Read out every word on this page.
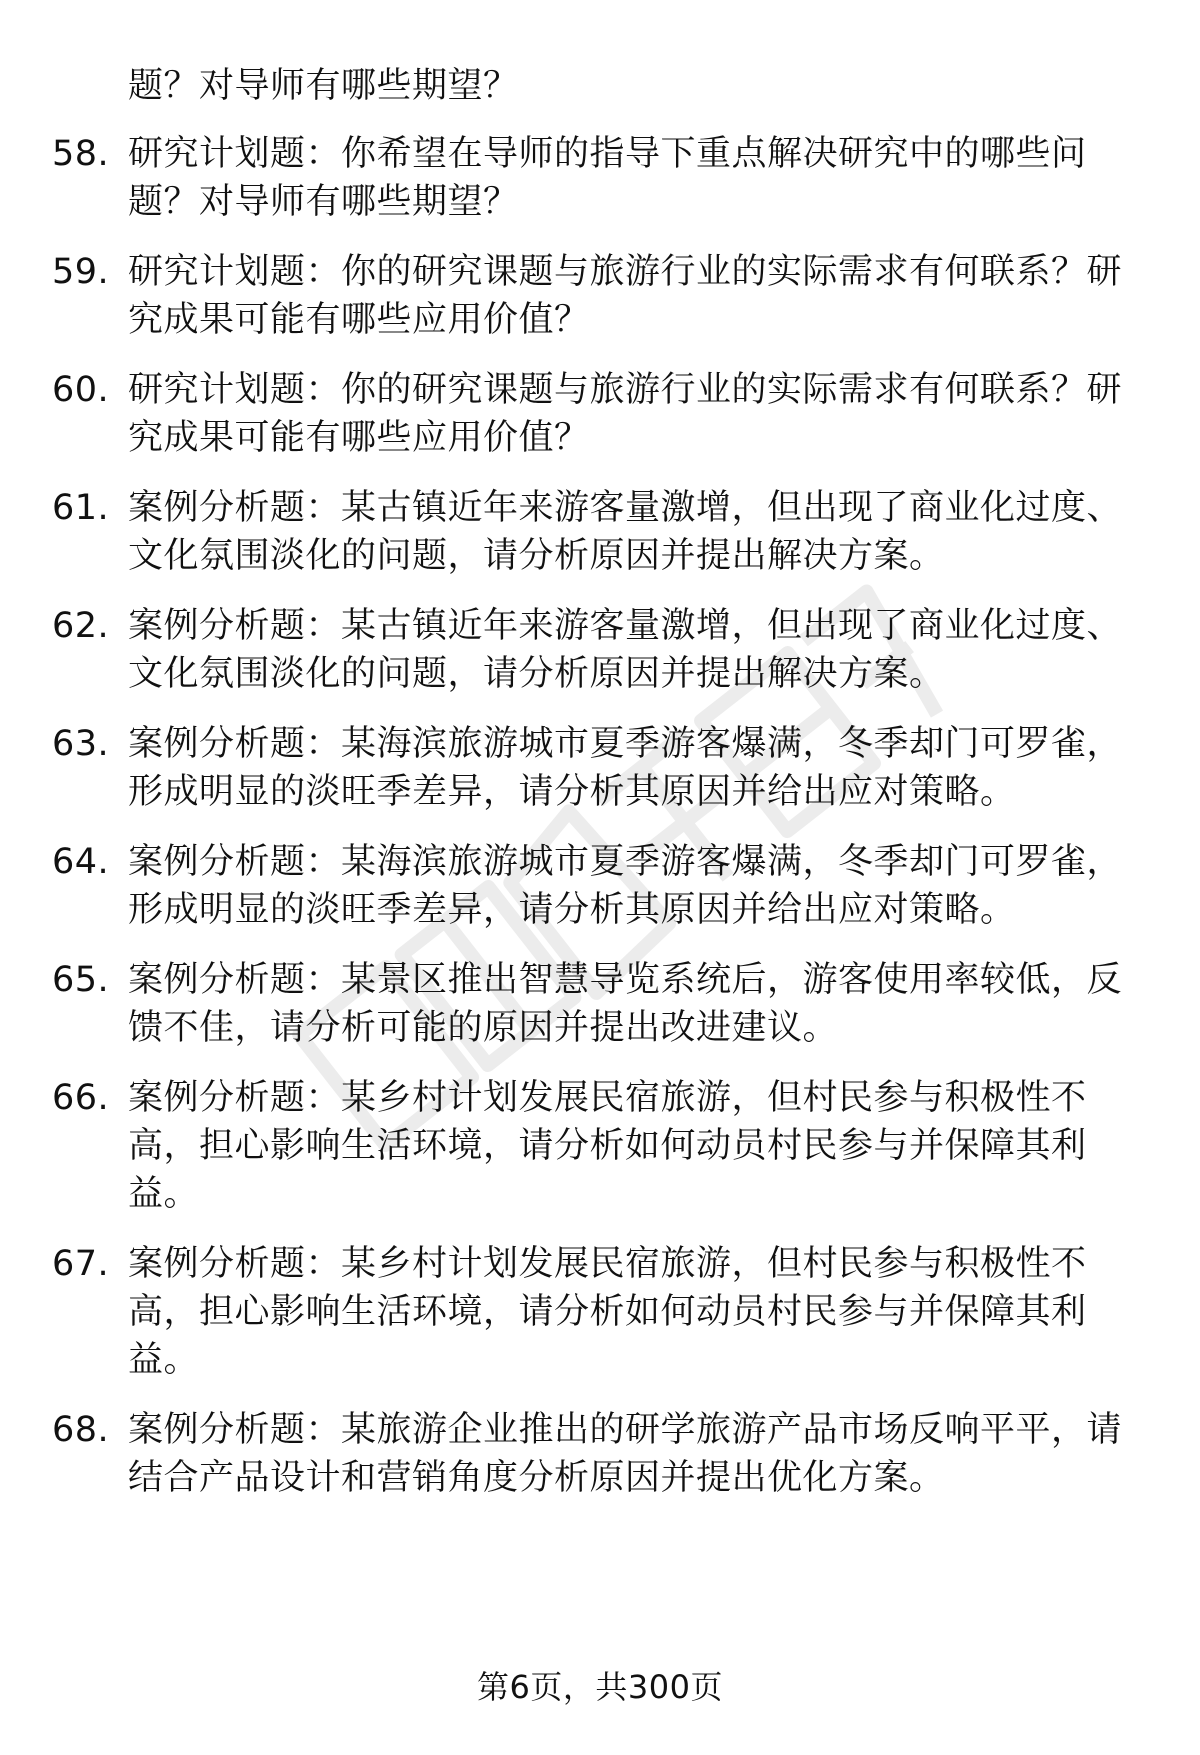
题？对导师有哪些期望？
58. 研究计划题：你希望在导师的指导下重点解决研究中的哪些问
题？对导师有哪些期望？
59. 研究计划题：你的研究课题与旅游行业的实际需求有何联系？研
究成果可能有哪些应用价值？
60. 研究计划题：你的研究课题与旅游行业的实际需求有何联系？研
究成果可能有哪些应用价值？
61. 案例分析题：某古镇近年来游客量激增，但出现了商业化过度、
文化氛围淡化的问题，请分析原因并提出解决方案。
62. 案例分析题：某古镇近年来游客量激增，但出现了商业化过度、
文化氛围淡化的问题，请分析原因并提出解决方案。
63. 案例分析题：某海滨旅游城市夏季游客爆满，冬季却门可罗雀，
形成明显的淡旺季差异，请分析其原因并给出应对策略。
64. 案例分析题：某海滨旅游城市夏季游客爆满，冬季却门可罗雀，
形成明显的淡旺季差异，请分析其原因并给出应对策略。
65. 案例分析题：某景区推出智慧导览系统后，游客使用率较低，反
馈不佳，请分析可能的原因并提出改进建议。
66. 案例分析题：某乡村计划发展民宿旅游，但村民参与积极性不
高，担心影响生活环境，请分析如何动员村民参与并保障其利
益。
67. 案例分析题：某乡村计划发展民宿旅游，但村民参与积极性不
高，担心影响生活环境，请分析如何动员村民参与并保障其利
益。
68. 案例分析题：某旅游企业推出的研学旅游产品市场反响平平，请
结合产品设计和营销角度分析原因并提出优化方案。
第6页，共300页
